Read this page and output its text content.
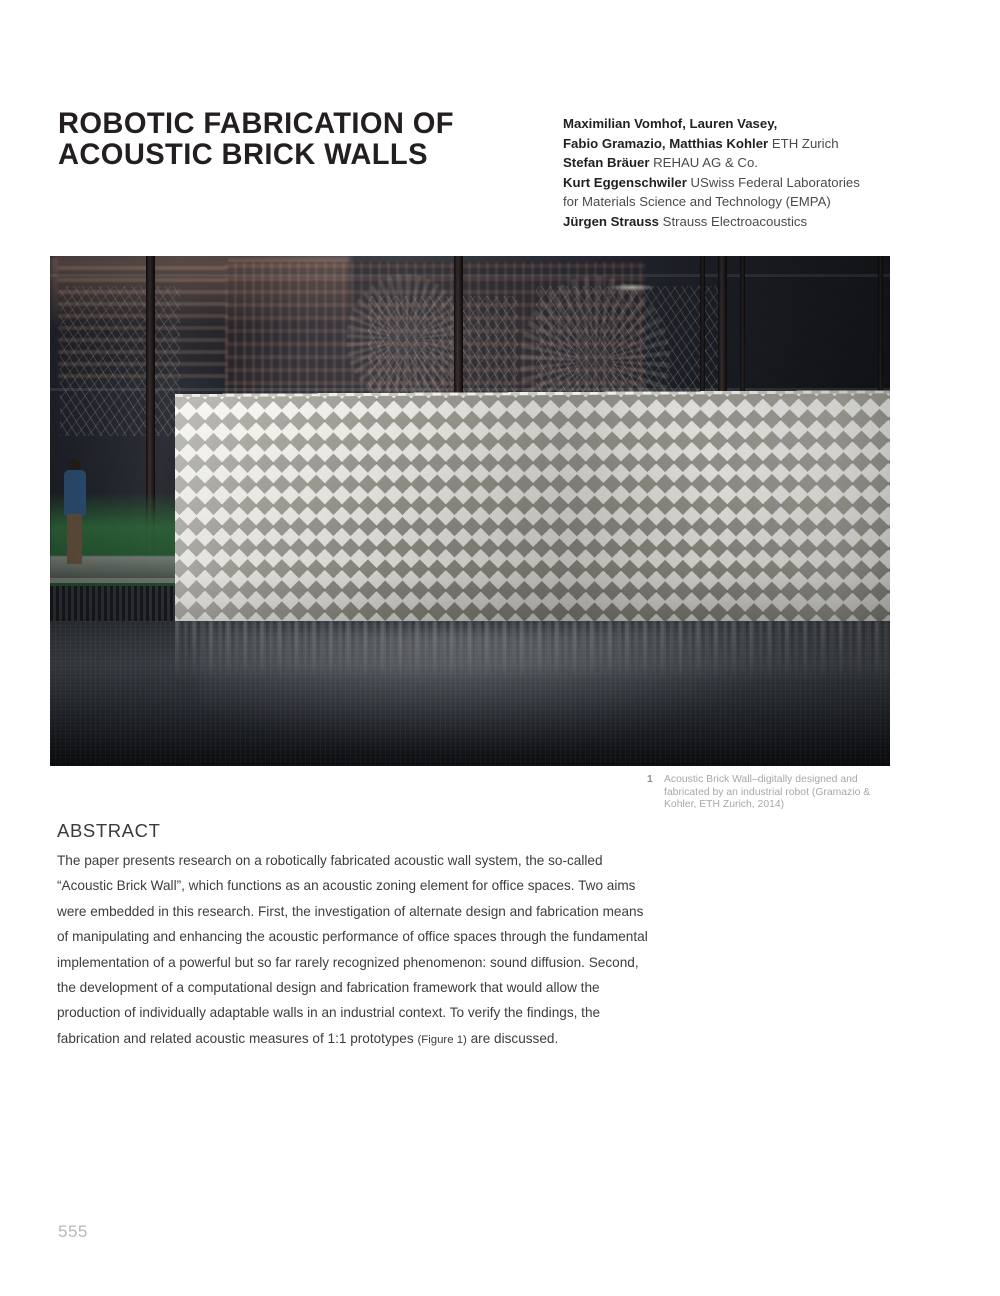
ROBOTIC FABRICATION OF
ACOUSTIC BRICK WALLS
Maximilian Vomhof, Lauren Vasey,
Fabio Gramazio, Matthias Kohler ETH Zurich
Stefan Bräuer REHAU AG & Co.
Kurt Eggenschwiler USwiss Federal Laboratories
for Materials Science and Technology (EMPA)
Jürgen Strauss Strauss Electroacoustics
1 Acoustic Brick Wall–digitally designed and fabricated by an industrial robot (Gramazio & Kohler, ETH Zurich, 2014)
ABSTRACT

The paper presents research on a robotically fabricated acoustic wall system, the so-called “Acoustic Brick Wall”, which functions as an acoustic zoning element for office spaces. Two aims were embedded in this research. First, the investigation of alternate design and fabrication means of manipulating and enhancing the acoustic performance of office spaces through the fundamental implementation of a powerful but so far rarely recognized phenomenon: sound diffusion. Second, the development of a computational design and fabrication framework that would allow the production of individually adaptable walls in an industrial context. To verify the findings, the fabrication and related acoustic measures of 1:1 prototypes (Figure 1) are discussed.

555
